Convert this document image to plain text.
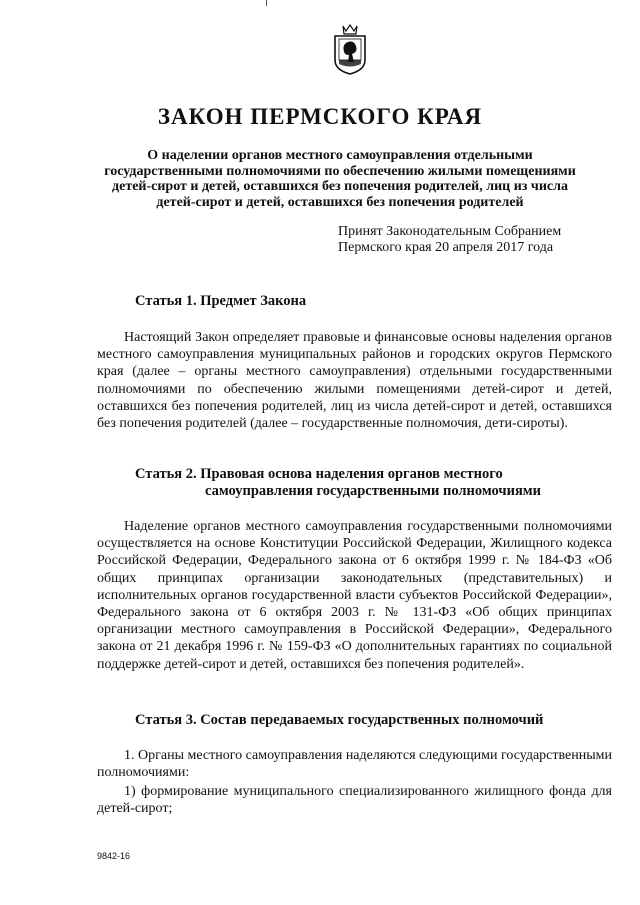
ЗАКОН ПЕРМСКОГО КРАЯ
О наделении органов местного самоуправления отдельными государственными полномочиями по обеспечению жилыми помещениями детей-сирот и детей, оставшихся без попечения родителей, лиц из числа детей-сирот и детей, оставшихся без попечения родителей
Принят Законодательным Собранием
Пермского края 20 апреля 2017 года
Статья 1. Предмет Закона
Настоящий Закон определяет правовые и финансовые основы наделения органов местного самоуправления муниципальных районов и городских округов Пермского края (далее – органы местного самоуправления) отдельными государственными полномочиями по обеспечению жилыми помещениями детей-сирот и детей, оставшихся без попечения родителей, лиц из числа детей-сирот и детей, оставшихся без попечения родителей (далее – государственные полномочия, дети-сироты).
Статья 2. Правовая основа наделения органов местного
самоуправления государственными полномочиями
Наделение органов местного самоуправления государственными полномочиями осуществляется на основе Конституции Российской Федерации, Жилищного кодекса Российской Федерации, Федерального закона от 6 октября 1999 г. № 184-ФЗ «Об общих принципах организации законодательных (представительных) и исполнительных органов государственной власти субъектов Российской Федерации», Федерального закона от 6 октября 2003 г. № 131-ФЗ «Об общих принципах организации местного самоуправления в Российской Федерации», Федерального закона от 21 декабря 1996 г. № 159-ФЗ «О дополнительных гарантиях по социальной поддержке детей-сирот и детей, оставшихся без попечения родителей».
Статья 3. Состав передаваемых государственных полномочий
1. Органы местного самоуправления наделяются следующими государственными полномочиями:
1) формирование муниципального специализированного жилищного фонда для детей-сирот;
9842-16
